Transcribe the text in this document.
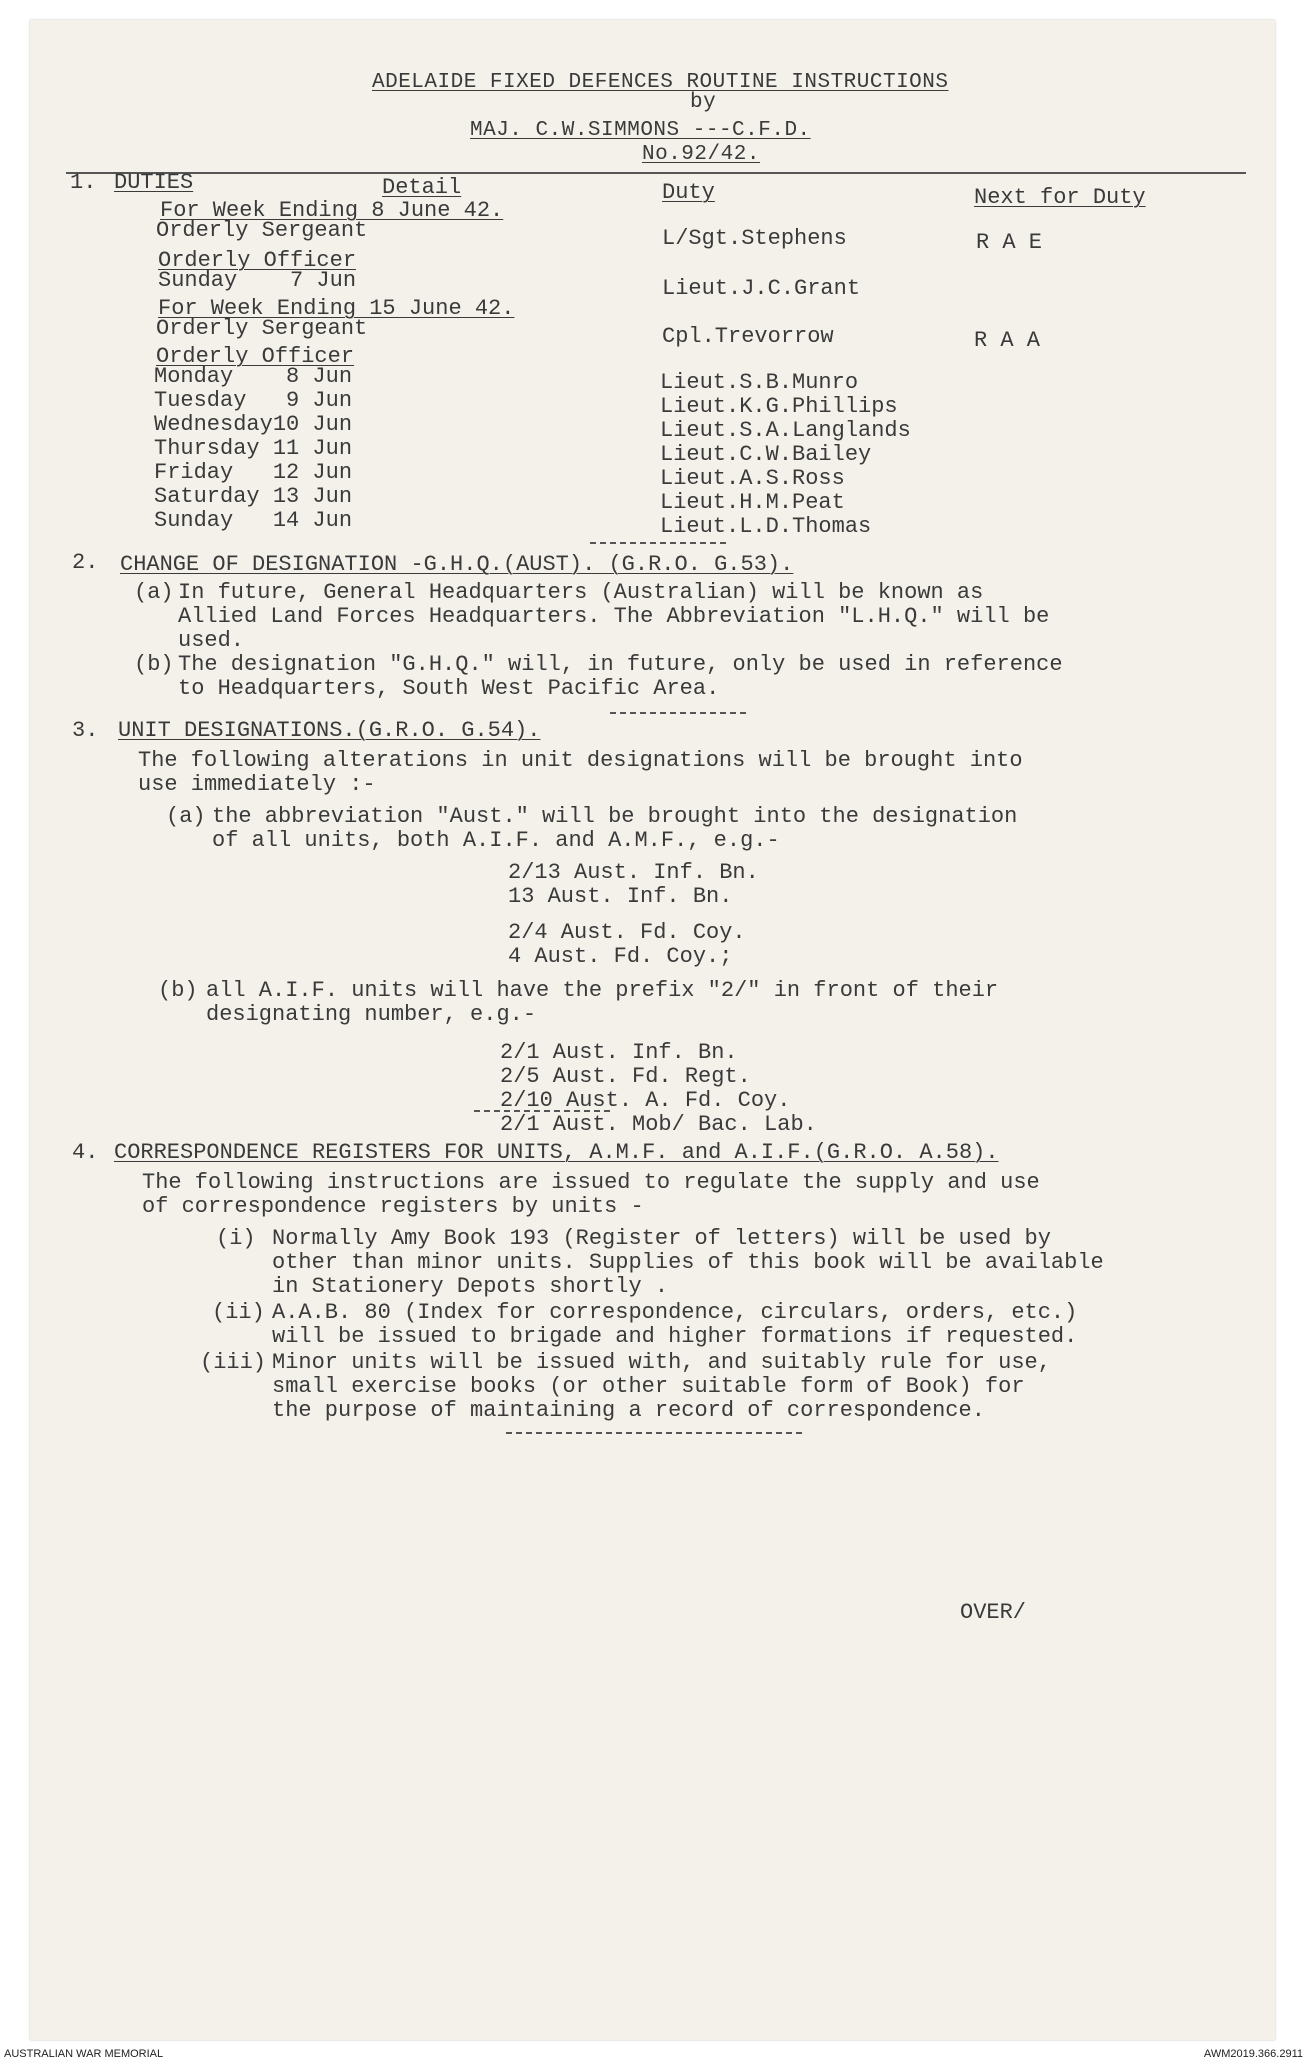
ADELAIDE FIXED DEFENCES ROUTINE INSTRUCTIONS
by
MAJ. C.W.SIMMONS ---C.F.D.
No.92/42.
1. DUTIES	Detail	Duty	Next for Duty
For Week Ending 8 June 42.
Orderly Sergeant	L/Sgt.Stephens	R A E
Orderly Officer
Sunday    7 Jun	Lieut.J.C.Grant
For Week Ending 15 June 42.
Orderly Sergeant	Cpl.Trevorrow	R A A
Orderly Officer
Monday    8 Jun	Lieut.S.B.Munro
Tuesday   9 Jun	Lieut.K.G.Phillips
Wednesday10 Jun	Lieut.S.A.Langlands
Thursday 11 Jun	Lieut.C.W.Bailey
Friday   12 Jun	Lieut.A.S.Ross
Saturday 13 Jun	Lieut.H.M.Peat
Sunday   14 Jun	Lieut.L.D.Thomas
2. CHANGE OF DESIGNATION -G.H.Q.(AUST). (G.R.O. G.53).
(a) In future, General Headquarters (Australian) will be known as
Allied Land Forces Headquarters. The Abbreviation "L.H.Q." will be
used.
(b) The designation "G.H.Q." will, in future, only be used in reference
to Headquarters, South West Pacific Area.
3. UNIT DESIGNATIONS.(G.R.O. G.54).
The following alterations in unit designations will be brought into
use immediately :-
(a) the abbreviation "Aust." will be brought into the designation
of all units, both A.I.F. and A.M.F., e.g.-
2/13 Aust. Inf. Bn.
13 Aust. Inf. Bn.
2/4 Aust. Fd. Coy.
4 Aust. Fd. Coy.;
(b) all A.I.F. units will have the prefix "2/" in front of their
designating number, e.g.-
2/1 Aust. Inf. Bn.
2/5 Aust. Fd. Regt.
2/10 Aust. A. Fd. Coy.
2/1 Aust. Mob/ Bac. Lab.
4. CORRESPONDENCE REGISTERS FOR UNITS, A.M.F. and A.I.F.(G.R.O. A.58).
The following instructions are issued to regulate the supply and use
of correspondence registers by units -
(i) Normally Amy Book 193 (Register of letters) will be used by
other than minor units. Supplies of this book will be available
in Stationery Depots shortly .
(ii) A.A.B. 80 (Index for correspondence, circulars, orders, etc.)
will be issued to brigade and higher formations if requested.
(iii) Minor units will be issued with, and suitably rule for use,
small exercise books (or other suitable form of Book) for
the purpose of maintaining a record of correspondence.
OVER/
AUSTRALIAN WAR MEMORIAL	AWM2019.366.2911
